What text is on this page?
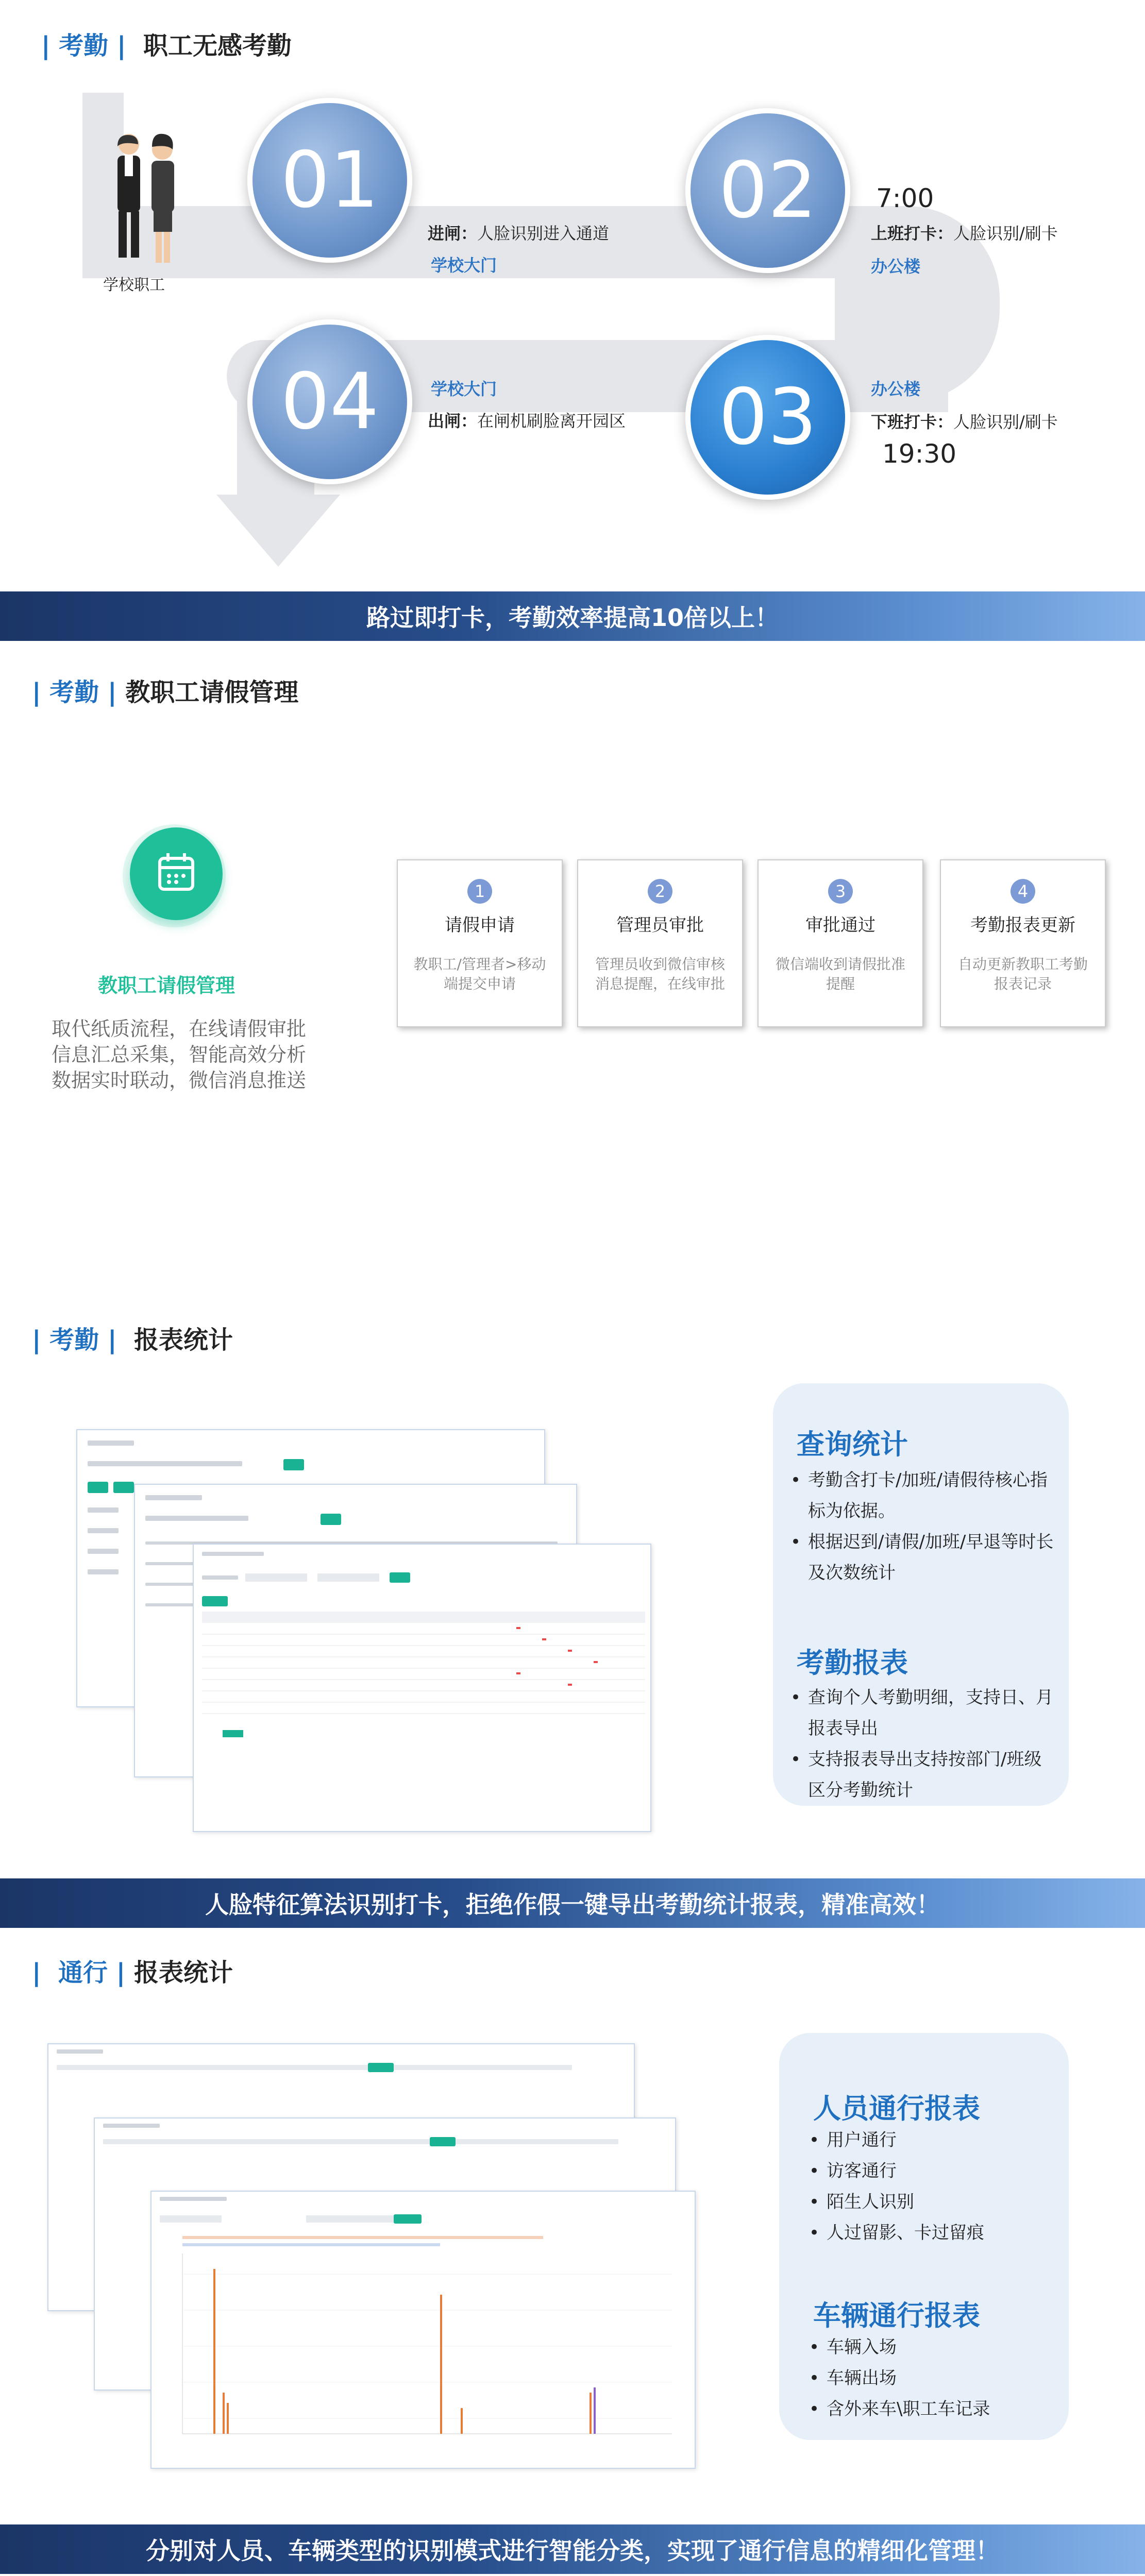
| 考勤 | 职工无感考勤
学校职工
01	02
04	03
进闸：人脸识别进入通道
学校大门
7:00
上班打卡：人脸识别/刷卡
办公楼
学校大门
出闸：在闸机刷脸离开园区
办公楼
下班打卡：人脸识别/刷卡
19:30
路过即打卡，考勤效率提高10倍以上！
| 考勤 | 教职工请假管理
教职工请假管理
取代纸质流程，在线请假审批
信息汇总采集，智能高效分析
数据实时联动，微信消息推送
1
请假申请
教职工/管理者>移动端提交申请
2
管理员审批
管理员收到微信审核消息提醒，在线审批
3
审批通过
微信端收到请假批准提醒
4
考勤报表更新
自动更新教职工考勤报表记录
| 考勤 | 报表统计
查询统计
• 考勤含打卡/加班/请假待核心指标为依据。
• 根据迟到/请假/加班/早退等时长及次数统计
考勤报表
• 查询个人考勤明细，支持日、月报表导出
• 支持报表导出支持按部门/班级区分考勤统计
人脸特征算法识别打卡，拒绝作假一键导出考勤统计报表，精准高效！
|  通行 | 报表统计
人员通行报表
• 用户通行
• 访客通行
• 陌生人识别
• 人过留影、卡过留痕
车辆通行报表
• 车辆入场
• 车辆出场
• 含外来车\职工车记录
分别对人员、车辆类型的识别模式进行智能分类，实现了通行信息的精细化管理！
